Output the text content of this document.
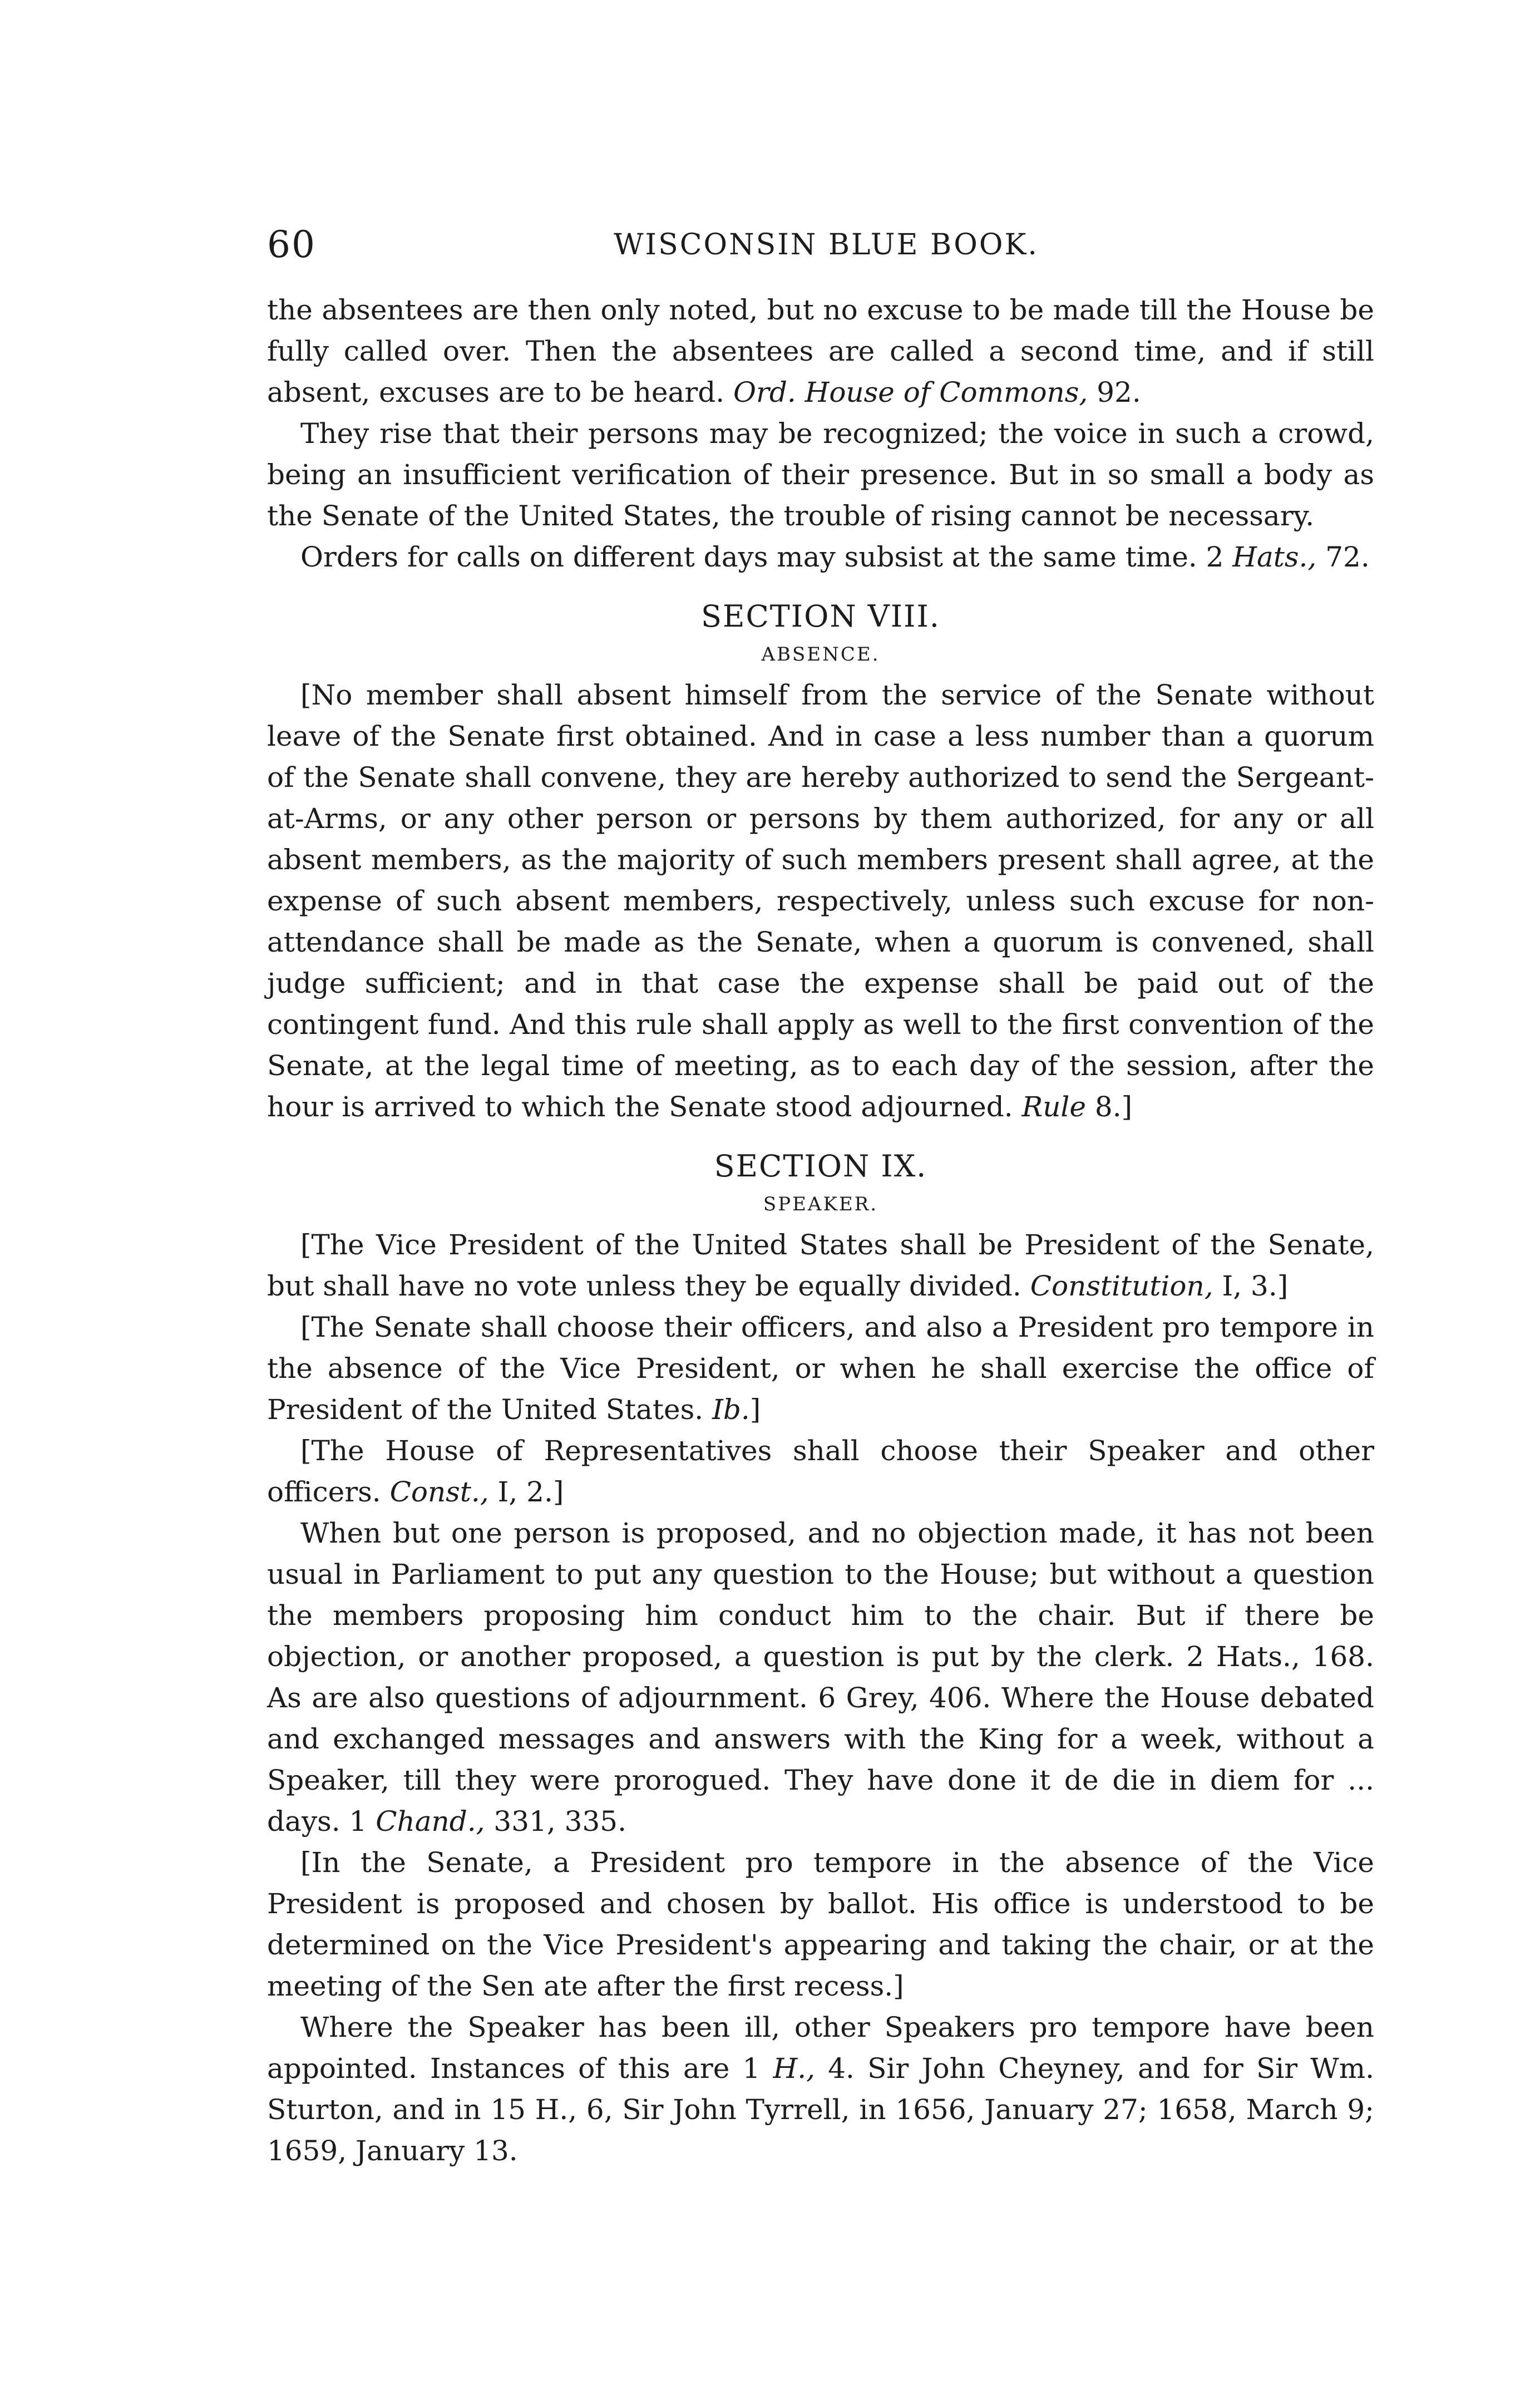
60	WISCONSIN BLUE BOOK.

the absentees are then only noted, but no excuse to be made till the House be fully called over. Then the absentees are called a second time, and if still absent, excuses are to be heard. Ord. House of Commons, 92.

They rise that their persons may be recognized; the voice in such a crowd, being an insufficient verification of their presence. But in so small a body as the Senate of the United States, the trouble of rising cannot be necessary.

Orders for calls on different days may subsist at the same time. 2 Hats., 72.

SECTION VIII.
ABSENCE.

[No member shall absent himself from the service of the Senate without leave of the Senate first obtained. And in case a less number than a quorum of the Senate shall convene, they are hereby authorized to send the Sergeant-at-Arms, or any other person or persons by them authorized, for any or all absent members, as the majority of such members present shall agree, at the expense of such absent members, respectively, unless such excuse for non-attendance shall be made as the Senate, when a quorum is convened, shall judge sufficient; and in that case the expense shall be paid out of the contingent fund. And this rule shall apply as well to the first convention of the Senate, at the legal time of meeting, as to each day of the session, after the hour is arrived to which the Senate stood adjourned. Rule 8.]

SECTION IX.
SPEAKER.

[The Vice President of the United States shall be President of the Senate, but shall have no vote unless they be equally divided. Constitution, I, 3.]

[The Senate shall choose their officers, and also a President pro tempore in the absence of the Vice President, or when he shall exercise the office of President of the United States. Ib.]

[The House of Representatives shall choose their Speaker and other officers. Const., I, 2.]

When but one person is proposed, and no objection made, it has not been usual in Parliament to put any question to the House; but without a question the members proposing him conduct him to the chair. But if there be objection, or another proposed, a question is put by the clerk. 2 Hats., 168. As are also questions of adjournment. 6 Grey, 406. Where the House debated and exchanged messages and answers with the King for a week, without a Speaker, till they were prorogued. They have done it de die in diem for ... days. 1 Chand., 331, 335.

[In the Senate, a President pro tempore in the absence of the Vice President is proposed and chosen by ballot. His office is understood to be determined on the Vice President's appearing and taking the chair, or at the meeting of the Sen ate after the first recess.]

Where the Speaker has been ill, other Speakers pro tempore have been appointed. Instances of this are 1 H., 4. Sir John Cheyney, and for Sir Wm. Sturton, and in 15 H., 6, Sir John Tyrrell, in 1656, January 27; 1658, March 9; 1659, January 13.
